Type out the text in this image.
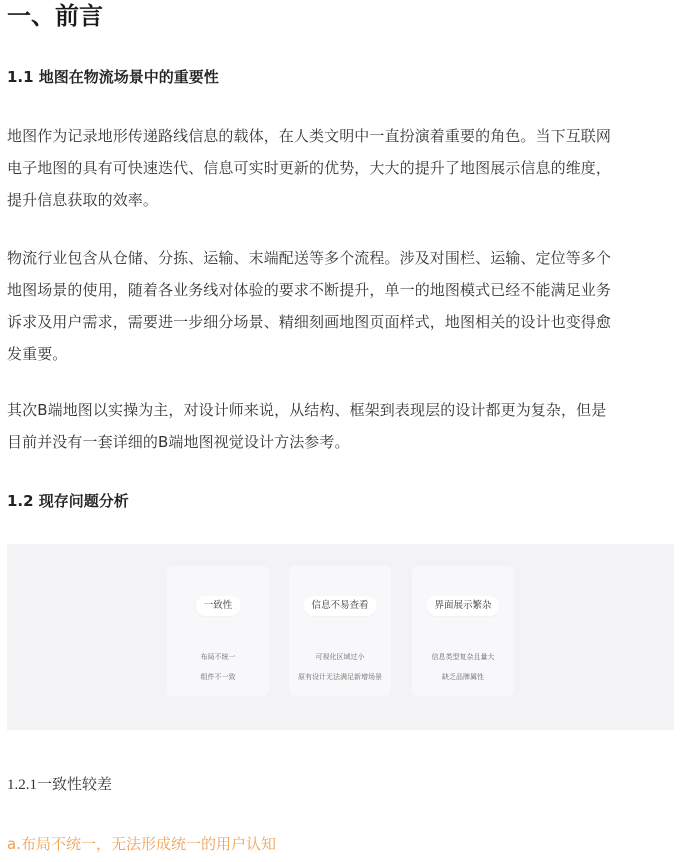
一、前言
1.1 地图在物流场景中的重要性
地图作为记录地形传递路线信息的载体，在人类文明中一直扮演着重要的角色。当下互联网
电子地图的具有可快速迭代、信息可实时更新的优势，大大的提升了地图展示信息的维度，
提升信息获取的效率。
物流行业包含从仓储、分拣、运输、末端配送等多个流程。涉及对围栏、运输、定位等多个
地图场景的使用，随着各业务线对体验的要求不断提升，单一的地图模式已经不能满足业务
诉求及用户需求，需要进一步细分场景、精细刻画地图页面样式，地图相关的设计也变得愈
发重要。
其次B端地图以实操为主，对设计师来说，从结构、框架到表现层的设计都更为复杂，但是
目前并没有一套详细的B端地图视觉设计方法参考。
1.2 现存问题分析
一致性
布局不统一
组件不一致
信息不易查看
可视化区域过小
原有设计无法满足新增场景
界面展示繁杂
信息类型复杂且量大
缺乏品牌属性
1.2.1一致性较差
a.布局不统一，无法形成统一的用户认知
